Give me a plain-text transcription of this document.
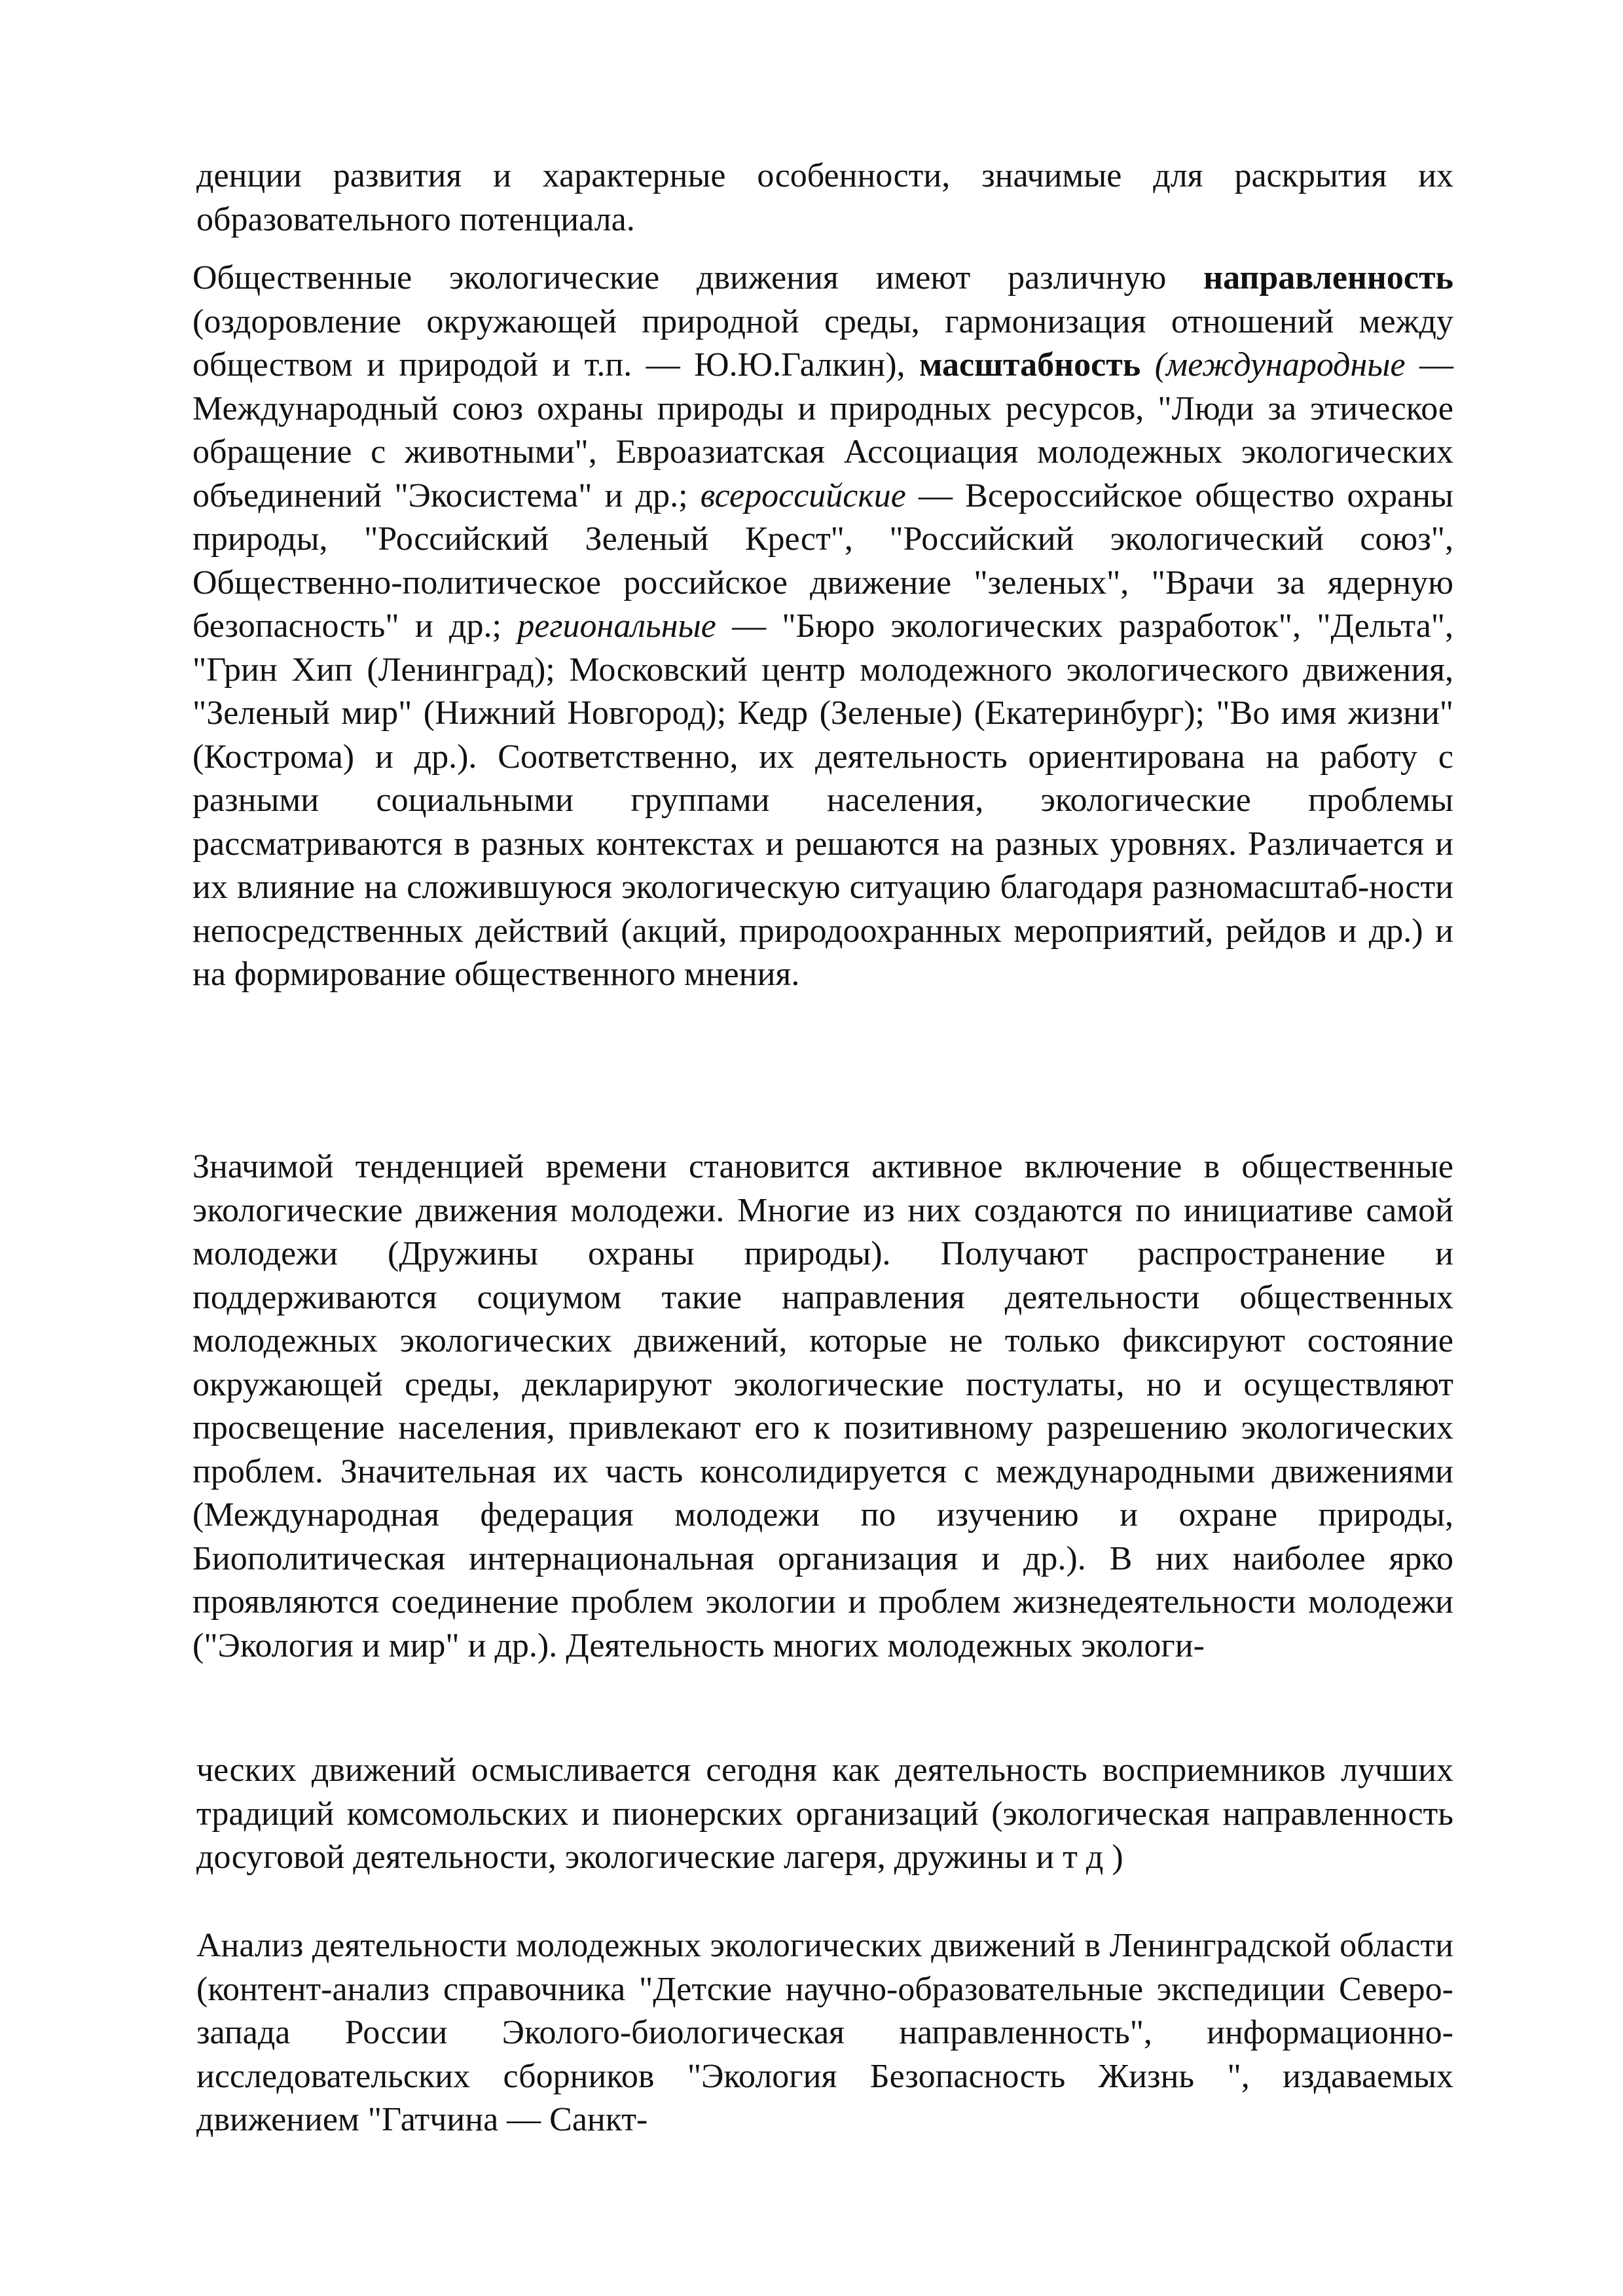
денции развития и характерные особенности, значимые для раскрытия их образовательного потенциала.

Общественные экологические движения имеют различную направленность (оздоровление окружающей природной среды, гармонизация отношений между обществом и природой и т.п. — Ю.Ю.Галкин), масштабность (международные — Международный союз охраны природы и природных ресурсов, "Люди за этическое обращение с животными", Евроазиатская Ассоциация молодежных экологических объединений "Экосистема" и др.; всероссийские — Всероссийское общество охраны природы, "Российский Зеленый Крест", "Российский экологический союз", Общественно-политическое российское движение "зеленых", "Врачи за ядерную безопасность" и др.; региональные — "Бюро экологических разработок", "Дельта", "Грин Хип (Ленинград); Московский центр молодежного экологического движения, "Зеленый мир" (Нижний Новгород); Кедр (Зеленые) (Екатеринбург); "Во имя жизни" (Кострома) и др.). Соответственно, их деятельность ориентирована на работу с разными социальными группами населения, экологические проблемы рассматриваются в разных контекстах и решаются на разных уровнях. Различается и их влияние на сложившуюся экологическую ситуацию благодаря разномасштаб-ности непосредственных действий (акций, природоохранных мероприятий, рейдов и др.) и на формирование общественного мнения.

Значимой тенденцией времени становится активное включение в общественные экологические движения молодежи. Многие из них создаются по инициативе самой молодежи (Дружины охраны природы). Получают распространение и поддерживаются социумом такие направления деятельности общественных молодежных экологических движений, которые не только фиксируют состояние окружающей среды, декларируют экологические постулаты, но и осуществляют просвещение населения, привлекают его к позитивному разрешению экологических проблем. Значительная их часть консолидируется с международными движениями (Международная федерация молодежи по изучению и охране природы, Биополитическая интернациональная организация и др.). В них наиболее ярко проявляются соединение проблем экологии и проблем жизнедеятельности молодежи ("Экология и мир" и др.). Деятельность многих молодежных экологи-

ческих движений осмысливается сегодня как деятельность восприемников лучших традиций комсомольских и пионерских организаций (экологическая направленность досуговой деятельности, экологические лагеря, дружины и т д )

Анализ деятельности молодежных экологических движений в Ленинградской области (контент-анализ справочника "Детские научно-образовательные экспедиции Северо-запада России Эколого-биологическая направленность", информационно-исследовательских сборников "Экология Безопасность Жизнь ", издаваемых движением "Гатчина — Санкт-
